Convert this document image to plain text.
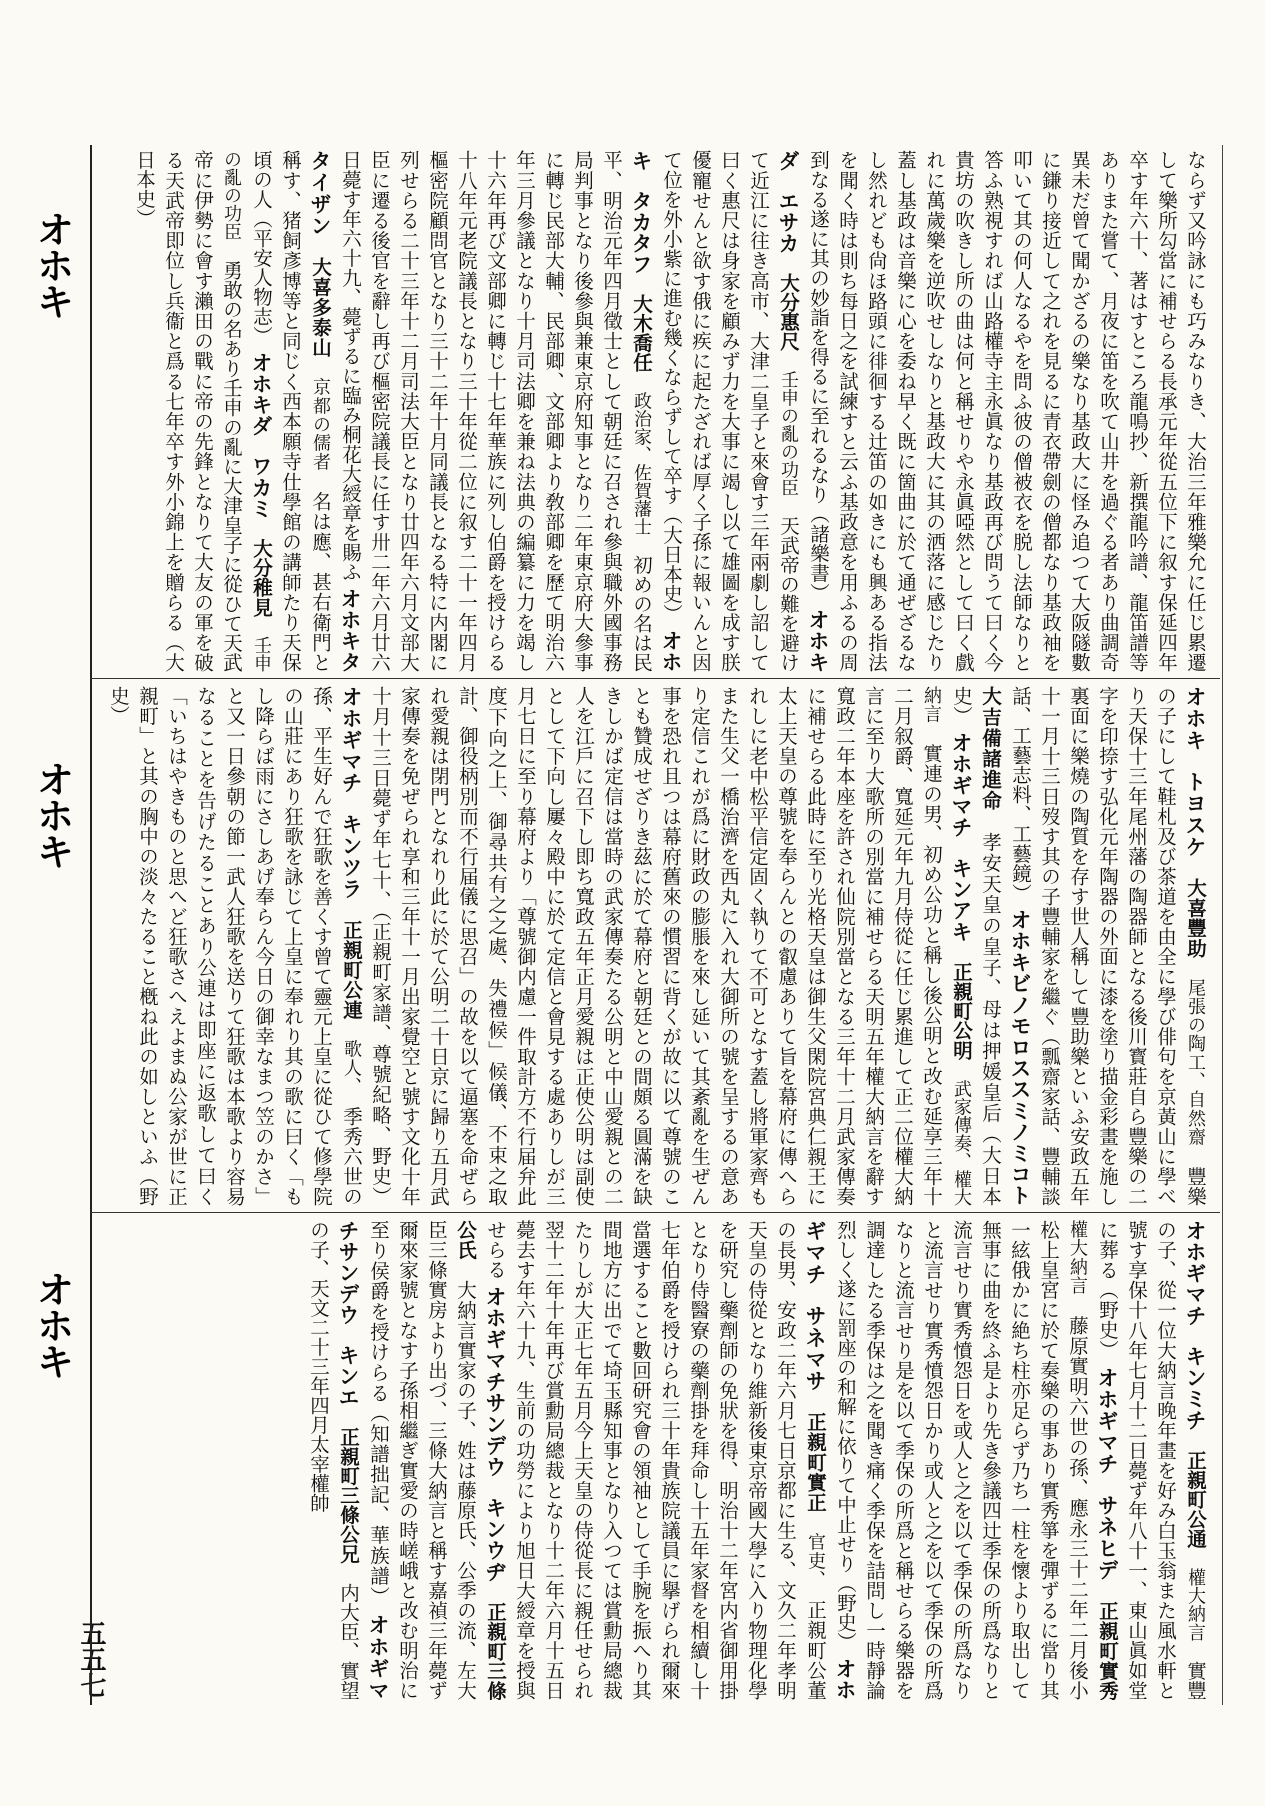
オホキ
オホキ
オホキ
五五七
ならず又吟詠にも巧みなりき、大治三年雅樂允に任じ累遷して樂所勾當に補せらる長承元年從五位下に叙す保延四年卒す年六十、著はすところ龍鳴抄、新撰龍吟譜、龍笛譜等ありまた嘗て、月夜に笛を吹て山井を過ぐる者あり曲調奇異未だ曾て聞かざるの樂なり基政大に怪み追つて大阪隧數に鎌り接近して之れを見るに青衣帶劍の僧都なり基政袖を叩いて其の何人なるやを問ふ彼の僧被衣を脱し法師なりと答ふ熟視すれば山路權寺主永眞なり基政再び問うて曰く今貴坊の吹きし所の曲は何と稱せりや永眞啞然として曰く戲れに萬歲樂を逆吹せしなりと基政大に其の洒落に感じたり蓋し基政は音樂に心を委ね早く既に箇曲に於て通ぜざるなし然れども尙ほ路頭に徘徊する辻笛の如きにも興ある指法を聞く時は則ち每日之を試練すと云ふ基政意を用ふるの周到なる遂に其の妙詣を得るに至れるなり（諸樂書） オホキダ　エサカ　大分惠尺　壬申の亂の功臣　天武帝の難を避けて近江に往き高市、大津二皇子と來會す三年兩劇し詔して曰く惠尺は身家を顧みず力を大事に竭し以て雄圖を成す朕優寵せんと欲す俄に疾に起たざれば厚く子孫に報いんと因て位を外小紫に進む幾くならずして卒す（大日本史） オホキ　タカタフ　大木喬任　政治家、佐賀藩士　初めの名は民平、明治元年四月徵士として朝廷に召され參與職外國事務局判事となり後參與兼東京府知事となり二年東京府大參事に轉じ民部大輔、民部卿、文部卿より敎部卿を歷て明治六年三月參議となり十月司法卿を兼ね法典の編纂に力を竭し十六年再び文部卿に轉じ十七年華族に列し伯爵を授けらる十八年元老院議長となり三十年從二位に叙す二十一年四月樞密院顧問官となり三十二年十月同議長となる特に内閣に列せらる二十三年十二月司法大臣となり廿四年六月文部大臣に遷る後官を辭し再び樞密院議長に任す卅二年六月廿六日薨す年六十九、薨ずるに臨み桐花大綬章を賜ふ オホキタ　タイザン　大喜多泰山　京都の儒者　名は應、甚右衛門と稱す、猪飼彥博等と同じく西本願寺仕學館の講師たり天保頃の人（平安人物志） オホキダ　ワカミ　大分稚見　壬申の亂の功臣　勇敢の名あり壬申の亂に大津皇子に從ひて天武帝に伊勢に會す瀨田の戰に帝の先鋒となりて大友の軍を破る天武帝即位し兵衞と爲る七年卒す外小錦上を贈らる（大日本史）
オホキ　トヨスケ　大喜豐助　尾張の陶工、自然齋　豐樂の子にして鞋札及び茶道を由全に學び俳句を京黃山に學べり天保十三年尾州藩の陶器師となる後川寳莊自ら豐樂の二字を印捺す弘化元年陶器の外面に漆を塗り描金彩畫を施し裏面に樂燒の陶質を存す世人稱して豐助樂といふ安政五年十一月十三日歿す其の子豐輔家を繼ぐ（瓢齋家話、豐輔談話、工藝志料、工藝鏡） オホキビノモロススミノミコト　大吉備諸進命　孝安天皇の皇子、母は押媛皇后（大日本史） オホギマチ　キンアキ　正親町公明　武家傳奏、權大納言　實連の男、初め公功と稱し後公明と改む延享三年十二月叙爵、寬延元年九月侍從に任じ累進して正二位權大納言に至り大歌所の別當に補せらる天明五年權大納言を辭す寬政二年本座を許され仙院別當となる三年十二月武家傳奏に補せらる此時に至り光格天皇は御生父閑院宮典仁親王に太上天皇の尊號を奉らんとの叡慮ありて旨を幕府に傳へられしに老中松平信定固く執りて不可となす蓋し將軍家齊もまた生父一橋治濟を西丸に入れ大御所の號を呈するの意あり定信これが爲に財政の膨脹を來し延いて其紊亂を生ぜん事を恐れ且つは幕府舊來の慣習に背くが故に以て尊號のことも贊成せざりき茲に於て幕府と朝廷との間頗る圓滿を缺きしかば定信は當時の武家傳奏たる公明と中山愛親との二人を江戶に召下し即ち寬政五年正月愛親は正使公明は副使として下向し屢々殿中に於て定信と會見する處ありしが三月七日に至り幕府より「尊號御内慮一件取計方不行届弁此度下向之上、御尋共有之之處、失禮候」候儀、不束之取計、御役柄別而不行届儀に思召」の故を以て逼塞を命ぜられ愛親は閉門となれり此に於て公明二十日京に歸り五月武家傳奏を免ぜられ享和三年十一月出家覺空と號す文化十年十月十三日薨ず年七十、（正親町家譜、尊號紀略、野史） オホギマチ　キンツラ　正親町公連　歌人、　季秀六世の孫、平生好んで狂歌を善くす曾て靈元上皇に從ひて修學院の山莊にあり狂歌を詠じて上皇に奉れり其の歌に曰く「もし降らば雨にさしあげ奉らん今日の御幸なまつ笠のかさ」と又一日參朝の節一武人狂歌を送りて狂歌は本歌より容易なることを告げたることあり公連は即座に返歌して曰く「いちはやきものと思へど狂歌さへえよまぬ公家が世に正親町」と其の胸中の淡々たること槪ね此の如しといふ（野史）
オホギマチ　キンミチ　正親町公通　權大納言　實豐の子、從一位大納言晚年畫を好み白玉翁また風水軒と號す享保十八年七月十二日薨ず年八十一、東山眞如堂に葬る（野史） オホギマチ　サネヒデ　正親町實秀　權大納言　藤原實明六世の孫、應永三十二年二月後小松上皇宮に於て奏樂の事あり實秀箏を彈ずるに當り其一絃俄かに絶ち柱亦足らず乃ち一柱を懷より取出して無事に曲を終ふ是より先き參議四辻季保の所爲なりと流言せり實秀憤怨日を或人と之を以て季保の所爲なりと流言せり實秀憤怨日かり或人と之を以て季保の所爲なりと流言せり是を以て季保の所爲と稱せらる樂器を調達したる季保は之を聞き痛く季保を詰問し一時靜論烈しく遂に罰座の和解に依りて中止せり（野史） オホギマチ　サネマサ　正親町實正　官吏、　正親町公董の長男、安政二年六月七日京都に生る、文久二年孝明天皇の侍從となり維新後東京帝國大學に入り物理化學を研究し藥劑師の免狀を得、明治十二年宮内省御用掛となり侍醫寮の藥劑掛を拜命し十五年家督を相續し十七年伯爵を授けられ三十年貴族院議員に擧げられ爾來當選すること數回研究會の領袖として手腕を振へり其間地方に出でて埼玉縣知事となり入つては賞勳局總裁たりしが大正七年五月今上天皇の侍從長に親任せられ翌十二年十年再び賞勳局總裁となり十二年六月十五日薨去す年六十九、生前の功勞により旭日大綬章を授與せらる オホギマチサンデウ　キンウヂ　正親町三條公氏　大納言實家の子、姓は藤原氏、公季の流、左大臣三條實房より出づ、三條大納言と稱す嘉禎三年薨ず爾來家號となす子孫相繼ぎ實愛の時嵯峨と改む明治に至り侯爵を授けらる（知譜拙記、華族譜） オホギマチサンデウ　キンエ　正親町三條公兄　内大臣、實望の子、天文二十三年四月太宰權帥
